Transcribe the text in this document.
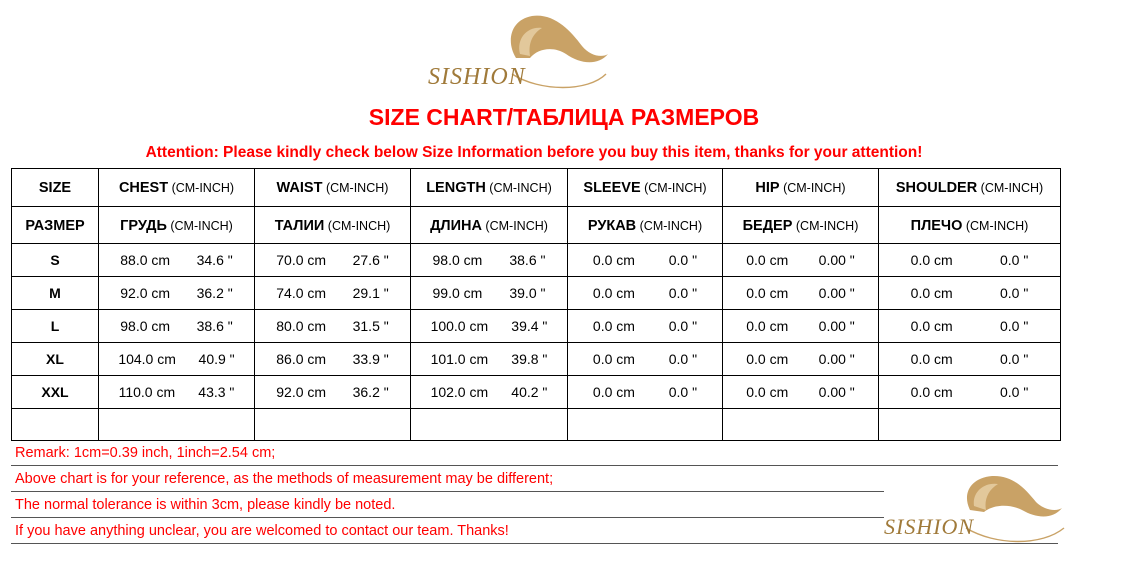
SISHION
SIZE CHART/ТАБЛИЦА РАЗМЕРОВ
Attention: Please kindly check below Size Information before you buy this item, thanks for your attention!
SIZE	CHEST (CM-INCH)	WAIST (CM-INCH)	LENGTH (CM-INCH)	SLEEVE (CM-INCH)	HIP (CM-INCH)	SHOULDER (CM-INCH)
РАЗМЕР	ГРУДЬ (CM-INCH)	ТАЛИИ (CM-INCH)	ДЛИНА (CM-INCH)	РУКАВ (CM-INCH)	БЕДЕР (CM-INCH)	ПЛЕЧО (CM-INCH)
S	88.0 cm 34.6 "	70.0 cm 27.6 "	98.0 cm 38.6 "	0.0 cm 0.0 "	0.0 cm 0.00 "	0.0 cm 0.0 "

M	92.0 cm 36.2 "	74.0 cm 29.1 "	99.0 cm 39.0 "	0.0 cm 0.0 "	0.0 cm 0.00 "	0.0 cm 0.0 "

L	98.0 cm 38.6 "	80.0 cm 31.5 "	100.0 cm 39.4 "	0.0 cm 0.0 "	0.0 cm 0.00 "	0.0 cm 0.0 "

XL	104.0 cm 40.9 "	86.0 cm 33.9 "	101.0 cm 39.8 "	0.0 cm 0.0 "	0.0 cm 0.00 "	0.0 cm 0.0 "

XXL	110.0 cm 43.3 "	92.0 cm 36.2 "	102.0 cm 40.2 "	0.0 cm 0.0 "	0.0 cm 0.00 "	0.0 cm 0.0 "

Remark: 1cm=0.39 inch, 1inch=2.54 cm;
Above chart is for your reference, as the methods of measurement may be different;
The normal tolerance is within 3cm, please kindly be noted.
If you have anything unclear, you are welcomed to contact our team. Thanks!	SISHION
